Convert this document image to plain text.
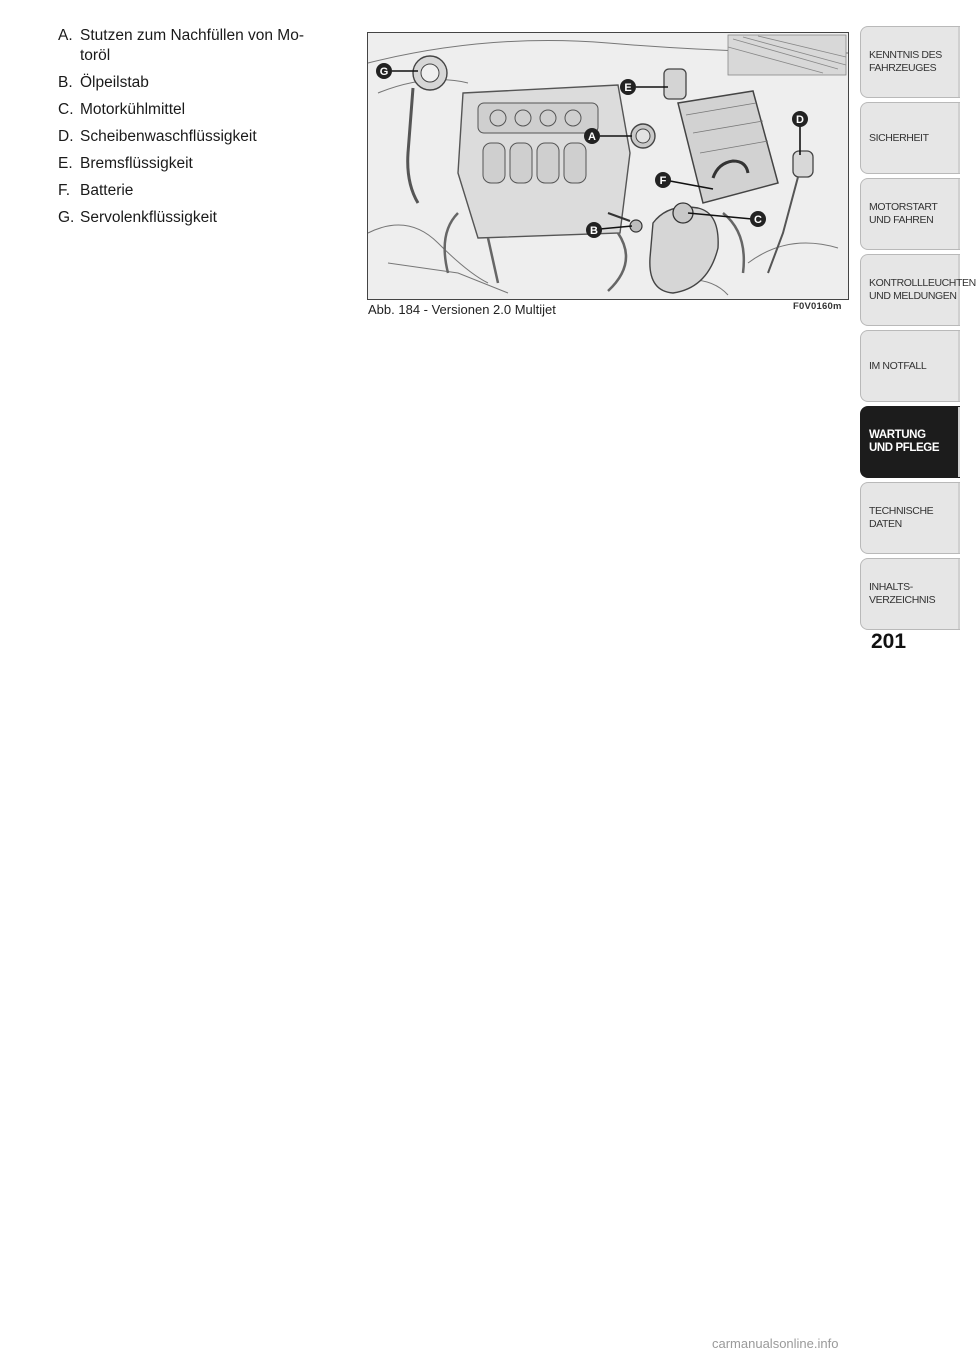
A. Stutzen zum Nachfüllen von Mo-
toröl
B. Ölpeilstab
C. Motorkühlmittel
D. Scheibenwaschflüssigkeit
E. Bremsflüssigkeit
F. Batterie
G. Servolenkflüssigkeit
G
E
A
D
F
C
B
Abb. 184 - Versionen 2.0 Multijet	F0V0160m
KENNTNIS DES
FAHRZEUGES
SICHERHEIT
MOTORSTART
UND FAHREN
KONTROLLLEUCHTEN
UND MELDUNGEN
IM NOTFALL
WARTUNG
UND PFLEGE
TECHNISCHE DATEN
INHALTS-
VERZEICHNIS
201
carmanualsonline.info
